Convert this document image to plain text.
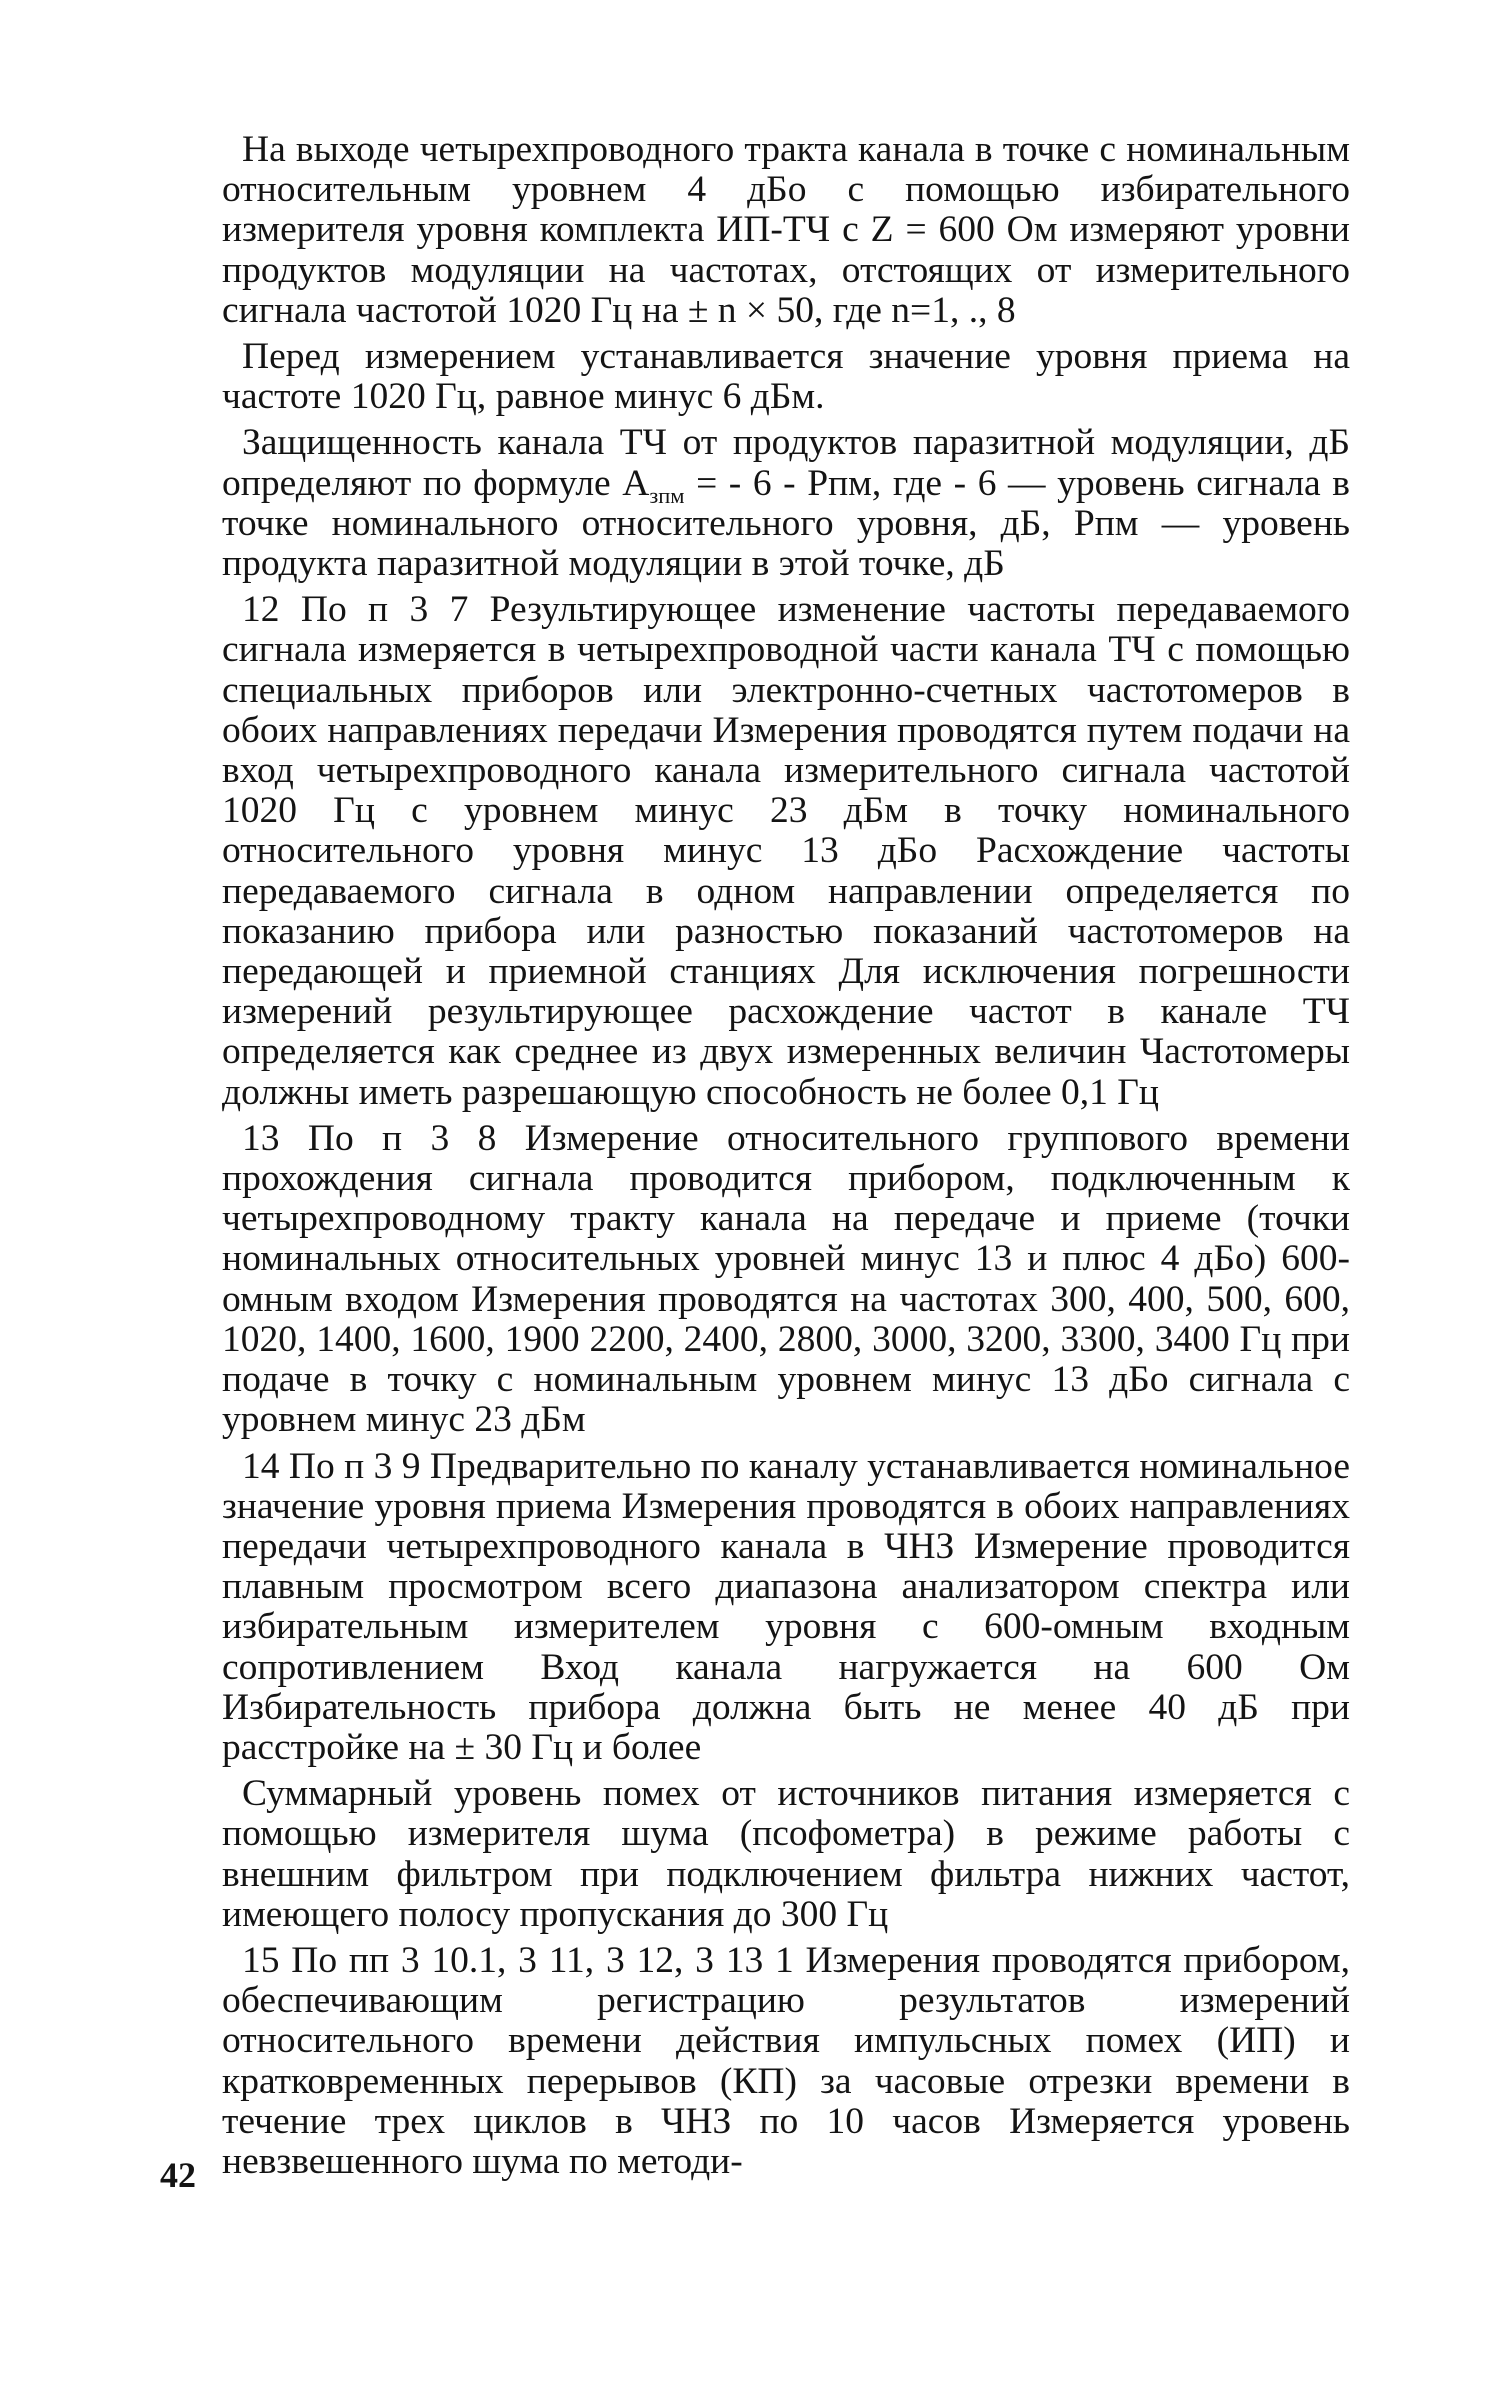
На выходе четырехпроводного тракта канала в точке с номинальным относительным уровнем 4 дБо с помощью избирательного измерителя уровня комплекта ИП-ТЧ с Z = 600 Ом измеряют уровни продуктов модуляции на частотах, отстоящих от измерительного сигнала частотой 1020 Гц на ± n × 50, где n=1, ., 8

Перед измерением устанавливается значение уровня приема на частоте 1020 Гц, равное минус 6 дБм.

Защищенность канала ТЧ от продуктов паразитной модуляции, дБ определяют по формуле $А_{зпм}$ = - 6 - Рпм, где - 6 — уровень сигнала в точке номинального относительного уровня, дБ, Рпм — уровень продукта паразитной модуляции в этой точке, дБ

12 По п 3 7 Результирующее изменение частоты передаваемого сигнала измеряется в четырехпроводной части канала ТЧ с помощью специальных приборов или электронно-счетных частотомеров в обоих направлениях передачи Измерения проводятся путем подачи на вход четырехпроводного канала измерительного сигнала частотой 1020 Гц с уровнем минус 23 дБм в точку номинального относительного уровня минус 13 дБо Расхождение частоты передаваемого сигнала в одном направлении определяется по показанию прибора или разностью показаний частотомеров на передающей и приемной станциях Для исключения погрешности измерений результирующее расхождение частот в канале ТЧ определяется как среднее из двух измеренных величин Частотомеры должны иметь разрешающую способность не более 0,1 Гц

13 По п 3 8 Измерение относительного группового времени прохождения сигнала проводится прибором, подключенным к четырехпроводному тракту канала на передаче и приеме (точки номинальных относительных уровней минус 13 и плюс 4 дБо) 600-омным входом Измерения проводятся на частотах 300, 400, 500, 600, 1020, 1400, 1600, 1900 2200, 2400, 2800, 3000, 3200, 3300, 3400 Гц при подаче в точку с номинальным уровнем минус 13 дБо сигнала с уровнем минус 23 дБм

14 По п 3 9 Предварительно по каналу устанавливается номинальное значение уровня приема Измерения проводятся в обоих направлениях передачи четырехпроводного канала в ЧНЗ Измерение проводится плавным просмотром всего диапазона анализатором спектра или избирательным измерителем уровня с 600-омным входным сопротивлением Вход канала нагружается на 600 Ом Избирательность прибора должна быть не менее 40 дБ при расстройке на ± 30 Гц и более

Суммарный уровень помех от источников питания измеряется с помощью измерителя шума (псофометра) в режиме работы с внешним фильтром при подключением фильтра нижних частот, имеющего полосу пропускания до 300 Гц

15 По пп 3 10.1, 3 11, 3 12, 3 13 1 Измерения проводятся прибором, обеспечивающим регистрацию результатов измерений относительного времени действия импульсных помех (ИП) и кратковременных перерывов (КП) за часовые отрезки времени в течение трех циклов в ЧНЗ по 10 часов Измеряется уровень невзвешенного шума по методи-

42
